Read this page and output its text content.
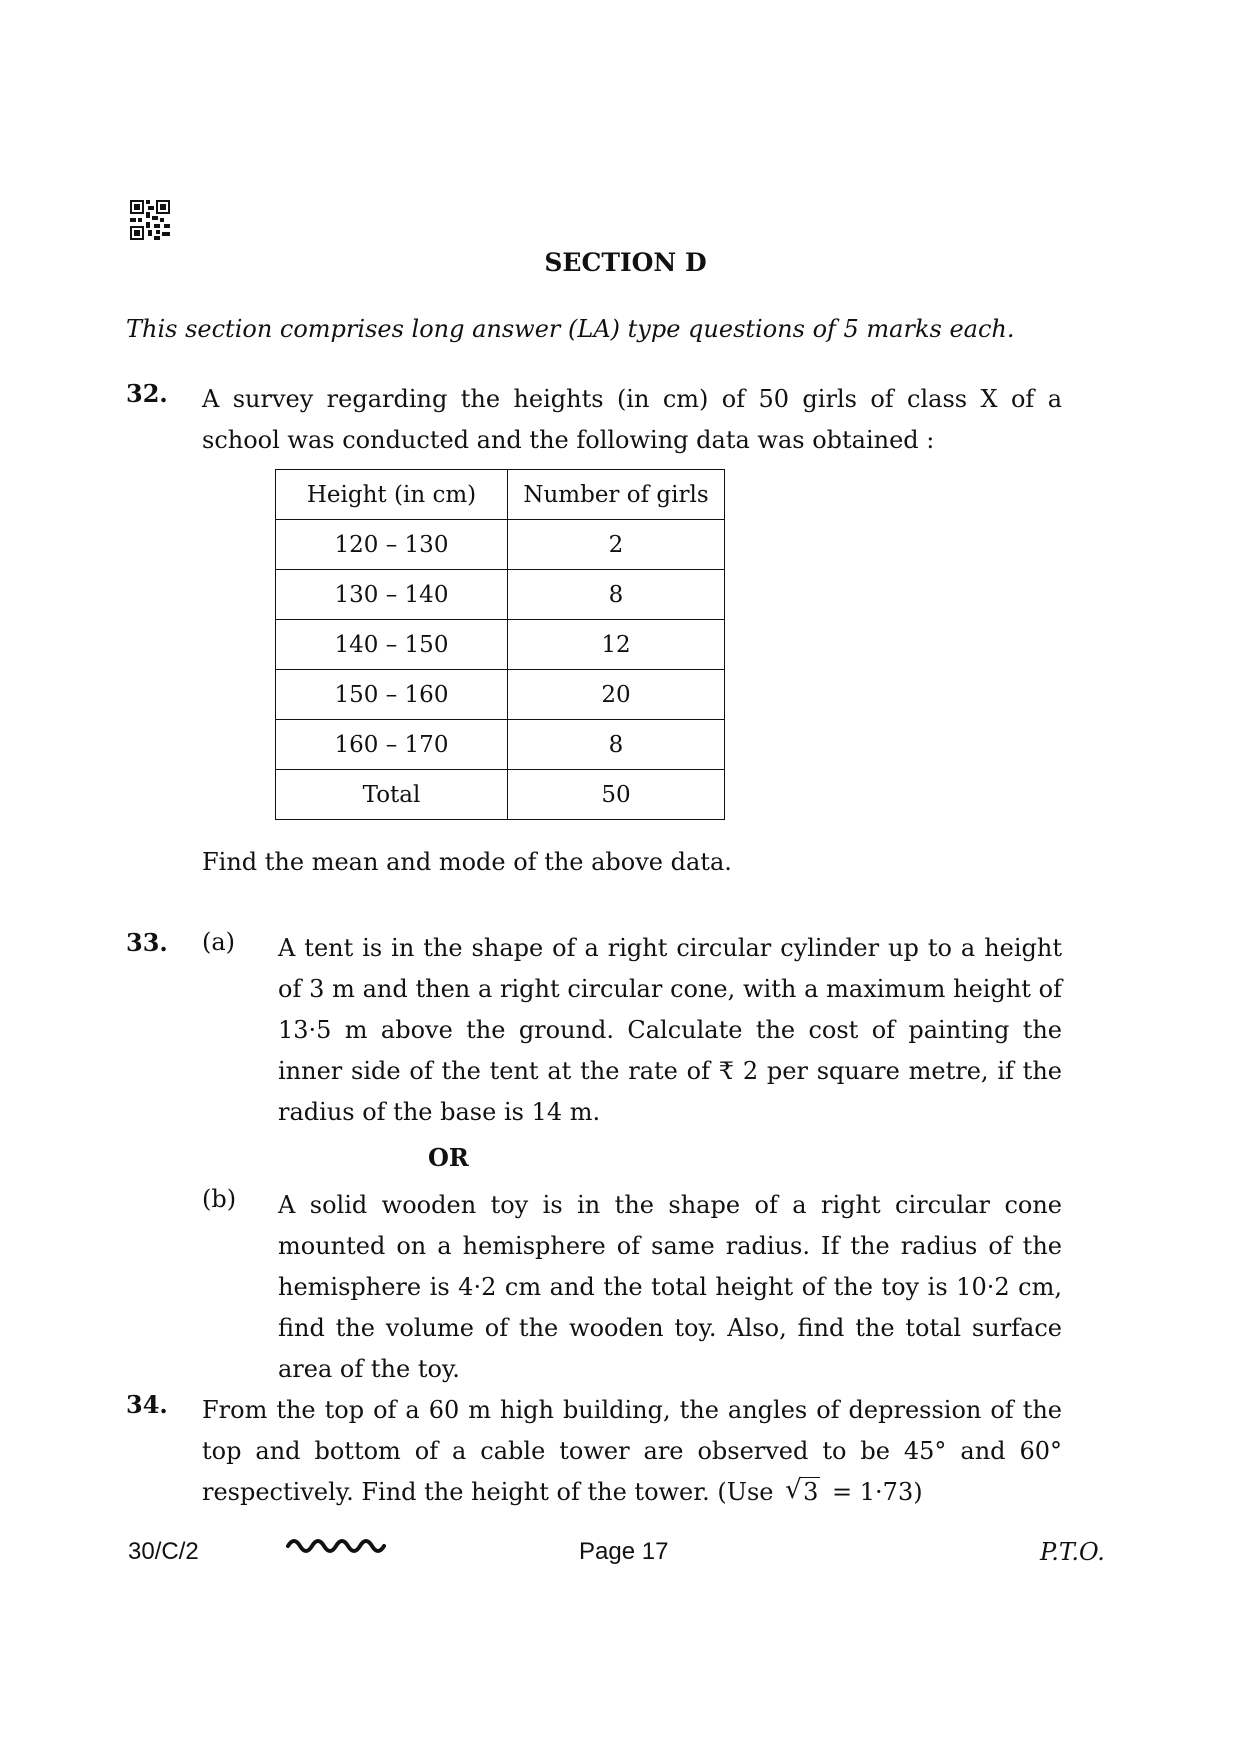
SECTION D
This section comprises long answer (LA) type questions of 5 marks each.
32. A survey regarding the heights (in cm) of 50 girls of class X of a school was conducted and the following data was obtained :
Height (in cm)	Number of girls
120 – 130	2
130 – 140	8
140 – 150	12
150 – 160	20
160 – 170	8
Total	50
Find the mean and mode of the above data.
33. (a) A tent is in the shape of a right circular cylinder up to a height of 3 m and then a right circular cone, with a maximum height of 13·5 m above the ground. Calculate the cost of painting the inner side of the tent at the rate of ₹ 2 per square metre, if the radius of the base is 14 m.
OR
(b) A solid wooden toy is in the shape of a right circular cone mounted on a hemisphere of same radius. If the radius of the hemisphere is 4·2 cm and the total height of the toy is 10·2 cm, find the volume of the wooden toy. Also, find the total surface area of the toy.
34. From the top of a 60 m high building, the angles of depression of the top and bottom of a cable tower are observed to be 45° and 60° respectively. Find the height of the tower. (Use √ 3 = 1·73)
30/C/2	Page 17	P.T.O.
